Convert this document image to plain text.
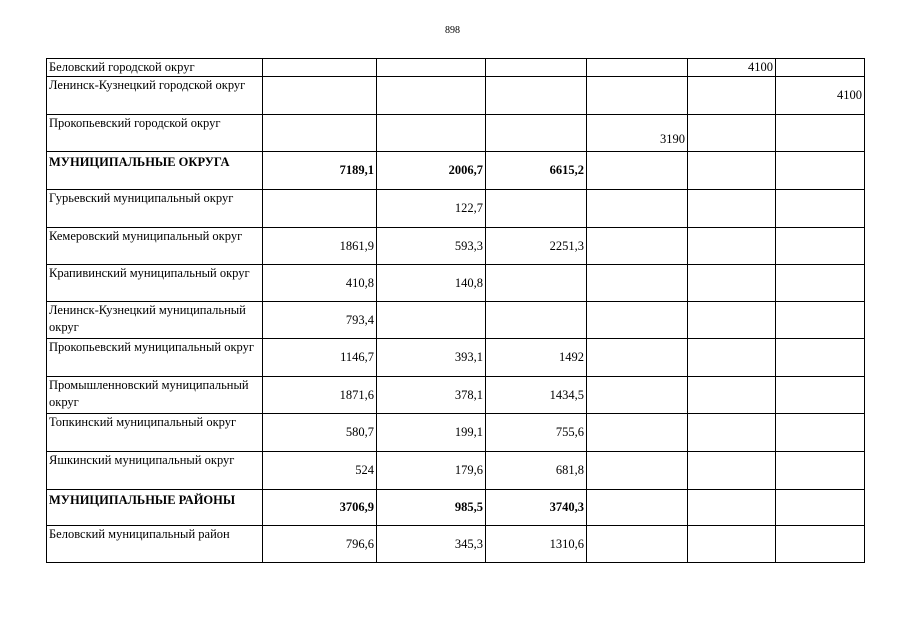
898
Беловский городской округ					4100	
Ленинск-Кузнецкий городской округ						4100
Прокопьевский городской округ				3190		
МУНИЦИПАЛЬНЫЕ ОКРУГА	7189,1	2006,7	6615,2			
Гурьевский муниципальный округ		122,7				
Кемеровский муниципальный округ	1861,9	593,3	2251,3			
Крапивинский муниципальный округ	410,8	140,8				
Ленинск-Кузнецкий муниципальный округ	793,4					
Прокопьевский муниципальный округ	1146,7	393,1	1492			
Промышленновский муниципальный округ	1871,6	378,1	1434,5			
Топкинский муниципальный округ	580,7	199,1	755,6			
Яшкинский муниципальный округ	524	179,6	681,8			
МУНИЦИПАЛЬНЫЕ РАЙОНЫ	3706,9	985,5	3740,3			
Беловский муниципальный район	796,6	345,3	1310,6			
